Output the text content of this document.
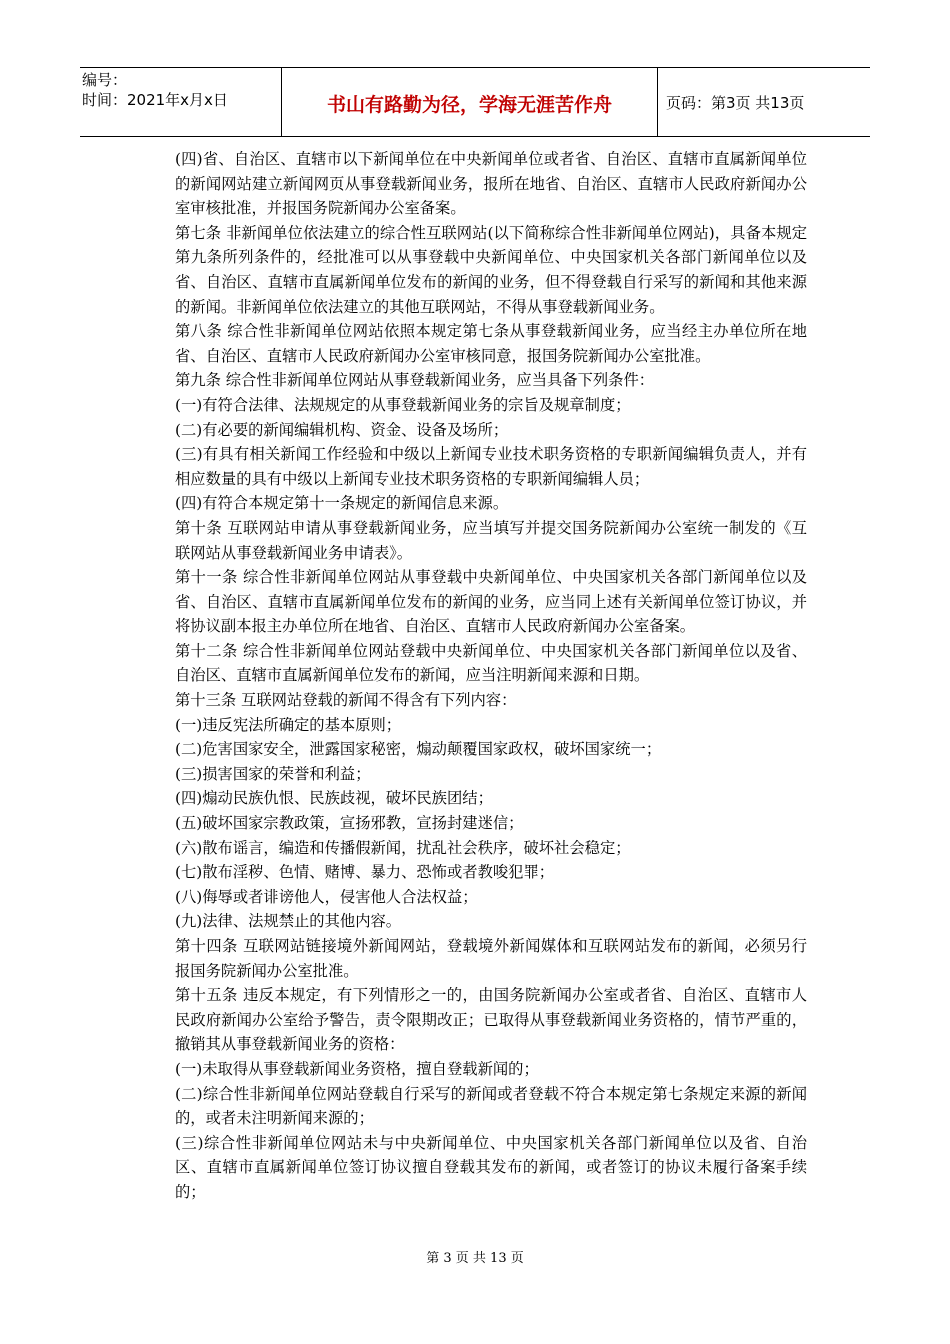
编号：
时间：2021年x月x日	书山有路勤为径，学海无涯苦作舟	页码：第3页 共13页

(四)省、自治区、直辖市以下新闻单位在中央新闻单位或者省、自治区、直辖市直属新闻单位的新闻网站建立新闻网页从事登载新闻业务，报所在地省、自治区、直辖市人民政府新闻办公室审核批准，并报国务院新闻办公室备案。

第七条 非新闻单位依法建立的综合性互联网站(以下简称综合性非新闻单位网站)，具备本规定第九条所列条件的，经批准可以从事登载中央新闻单位、中央国家机关各部门新闻单位以及省、自治区、直辖市直属新闻单位发布的新闻的业务，但不得登载自行采写的新闻和其他来源的新闻。非新闻单位依法建立的其他互联网站，不得从事登载新闻业务。

第八条 综合性非新闻单位网站依照本规定第七条从事登载新闻业务，应当经主办单位所在地省、自治区、直辖市人民政府新闻办公室审核同意，报国务院新闻办公室批准。

第九条 综合性非新闻单位网站从事登载新闻业务，应当具备下列条件：

(一)有符合法律、法规规定的从事登载新闻业务的宗旨及规章制度；

(二)有必要的新闻编辑机构、资金、设备及场所；

(三)有具有相关新闻工作经验和中级以上新闻专业技术职务资格的专职新闻编辑负责人，并有相应数量的具有中级以上新闻专业技术职务资格的专职新闻编辑人员；

(四)有符合本规定第十一条规定的新闻信息来源。

第十条 互联网站申请从事登载新闻业务，应当填写并提交国务院新闻办公室统一制发的《互联网站从事登载新闻业务申请表》。

第十一条 综合性非新闻单位网站从事登载中央新闻单位、中央国家机关各部门新闻单位以及省、自治区、直辖市直属新闻单位发布的新闻的业务，应当同上述有关新闻单位签订协议，并将协议副本报主办单位所在地省、自治区、直辖市人民政府新闻办公室备案。

第十二条 综合性非新闻单位网站登载中央新闻单位、中央国家机关各部门新闻单位以及省、自治区、直辖市直属新闻单位发布的新闻，应当注明新闻来源和日期。

第十三条 互联网站登载的新闻不得含有下列内容：

(一)违反宪法所确定的基本原则；

(二)危害国家安全，泄露国家秘密，煽动颠覆国家政权，破坏国家统一；

(三)损害国家的荣誉和利益；

(四)煽动民族仇恨、民族歧视，破坏民族团结；

(五)破坏国家宗教政策，宣扬邪教，宣扬封建迷信；

(六)散布谣言，编造和传播假新闻，扰乱社会秩序，破坏社会稳定；

(七)散布淫秽、色情、赌博、暴力、恐怖或者教唆犯罪；

(八)侮辱或者诽谤他人，侵害他人合法权益；

(九)法律、法规禁止的其他内容。

第十四条 互联网站链接境外新闻网站，登载境外新闻媒体和互联网站发布的新闻，必须另行报国务院新闻办公室批准。

第十五条 违反本规定，有下列情形之一的，由国务院新闻办公室或者省、自治区、直辖市人民政府新闻办公室给予警告，责令限期改正；已取得从事登载新闻业务资格的，情节严重的，撤销其从事登载新闻业务的资格：

(一)未取得从事登载新闻业务资格，擅自登载新闻的；

(二)综合性非新闻单位网站登载自行采写的新闻或者登载不符合本规定第七条规定来源的新闻的，或者未注明新闻来源的；

(三)综合性非新闻单位网站未与中央新闻单位、中央国家机关各部门新闻单位以及省、自治区、直辖市直属新闻单位签订协议擅自登载其发布的新闻，或者签订的协议未履行备案手续的；

第 3 页 共 13 页
